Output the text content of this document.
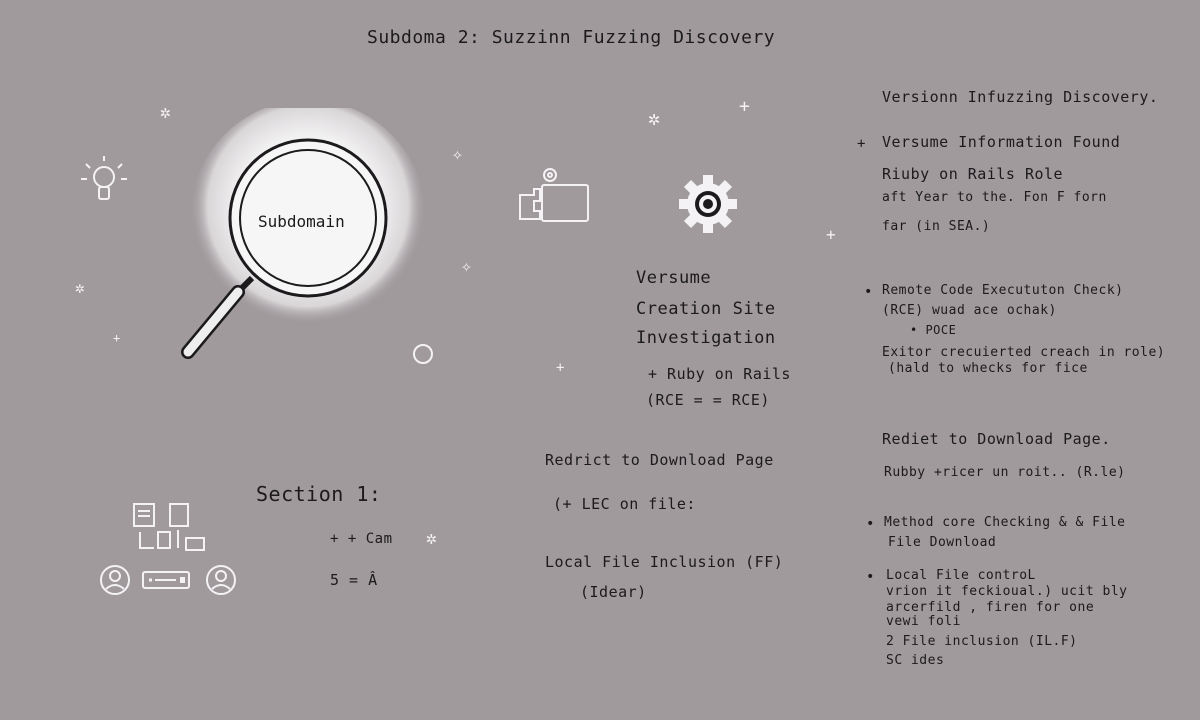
Subdoma 2: Suzzinn Fuzzing Discovery
Subdomain
✲
✲
+
✧
✧
✲	+
+
+
Section 1:
+ + Cam ✲
5 = Â
Versume
Creation Site
Investigation
+ Ruby on Rails
(RCE = = RCE)
Redrict to Download Page
(+ LEC on file:
Local File Inclusion (FF)
(Idear)
Versionn Infuzzing Discovery.
+ Versume Information Found
Riuby on Rails Role
aft Year to the. Fon F forn
far (in SEA.)
• Remote Code Execututon Check)
(RCE) wuad ace ochak)
• POCE
Exitor crecuierted creach in role)
(hald to whecks for fice
Rediet to Download Page.
Rubby +ricer un roit.. (R.le)
• Method core Checking & & File
File Download
• Local File controL
vrion it feckioual.) ucit bly
arcerfild , firen for one
vewi foli
2 File inclusion (IL.F)
SC ides
